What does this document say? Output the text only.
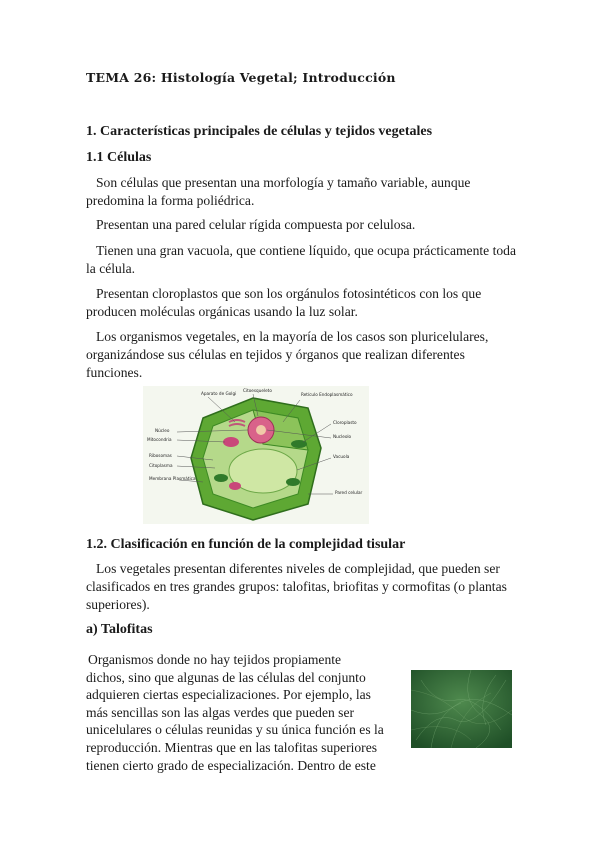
TEMA 26: Histología Vegetal; Introducción
1. Características principales de células y tejidos vegetales
1.1 Células
Son células que presentan una morfología y tamaño variable, aunque predomina la forma poliédrica.
Presentan una pared celular rígida compuesta por celulosa.
Tienen una gran vacuola, que contiene líquido, que ocupa prácticamente toda la célula.
Presentan cloroplastos que son los orgánulos fotosintéticos con los que producen moléculas orgánicas usando la luz solar.
Los organismos vegetales, en la mayoría de los casos son pluricelulares, organizándose sus células en tejidos y órganos que realizan diferentes funciones.
Aparato de Golgi
Citoesqueleto
Retículo Endoplasmático
Cloroplasto
Nucleolo
Núcleo
Mitocondria
Ribosomas
Citoplasma
Membrana Plasmática
Vacuola
Pared celular
1.2. Clasificación en función de la complejidad tisular
Los vegetales presentan diferentes niveles de complejidad, que pueden ser clasificados en tres grandes grupos: talofitas, briofitas y cormofitas (o plantas superiores).
a) Talofitas
Organismos donde no hay tejidos propiamente
dichos, sino que algunas de las células del conjunto
adquieren ciertas especializaciones. Por ejemplo, las
más sencillas son las algas verdes que pueden ser
unicelulares o células reunidas y su única función es la
reproducción. Mientras que en las talofitas superiores
tienen cierto grado de especialización. Dentro de este
